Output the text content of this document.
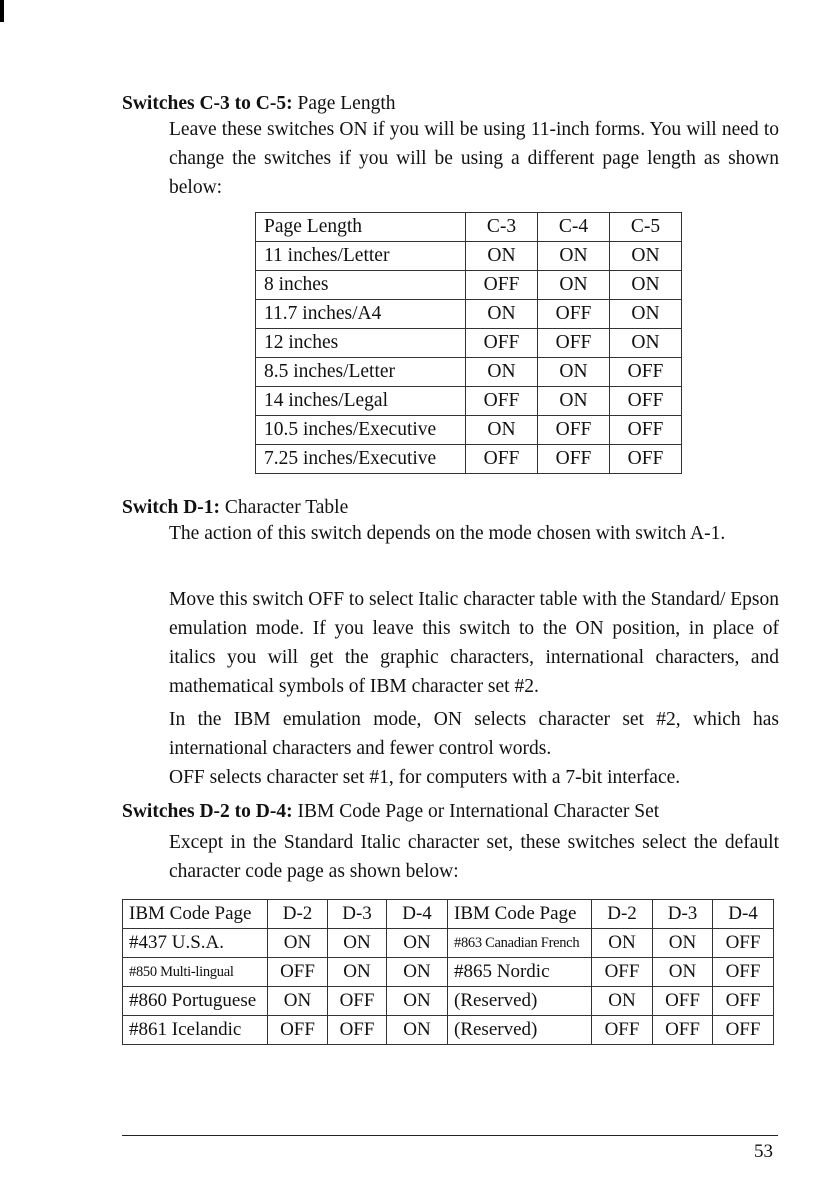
Switches C-3 to C-5: Page Length
Leave these switches ON if you will be using 11-inch forms. You will need to change the switches if you will be using a different page length as shown below:
Page Length	C-3	C-4	C-5
11 inches/Letter	ON	ON	ON
8 inches	OFF	ON	ON
11.7 inches/A4	ON	OFF	ON
12 inches	OFF	OFF	ON
8.5 inches/Letter	ON	ON	OFF
14 inches/Legal	OFF	ON	OFF
10.5 inches/Executive	ON	OFF	OFF
7.25 inches/Executive	OFF	OFF	OFF
Switch D-1: Character Table
The action of this switch depends on the mode chosen with switch A-1.
Move this switch OFF to select Italic character table with the Standard/ Epson emulation mode. If you leave this switch to the ON position, in place of italics you will get the graphic characters, international characters, and mathematical symbols of IBM character set #2.
In the IBM emulation mode, ON selects character set #2, which has international characters and fewer control words.
OFF selects character set #1, for computers with a 7-bit interface.
Switches D-2 to D-4: IBM Code Page or International Character Set
Except in the Standard Italic character set, these switches select the default character code page as shown below:
IBM Code Page	D-2	D-3	D-4	IBM Code Page	D-2	D-3	D-4
#437 U.S.A.	ON	ON	ON	#863 Canadian French	ON	ON	OFF
#850 Multi-lingual	OFF	ON	ON	#865 Nordic	OFF	ON	OFF
#860 Portuguese	ON	OFF	ON	(Reserved)	ON	OFF	OFF
#861 Icelandic	OFF	OFF	ON	(Reserved)	OFF	OFF	OFF
53
